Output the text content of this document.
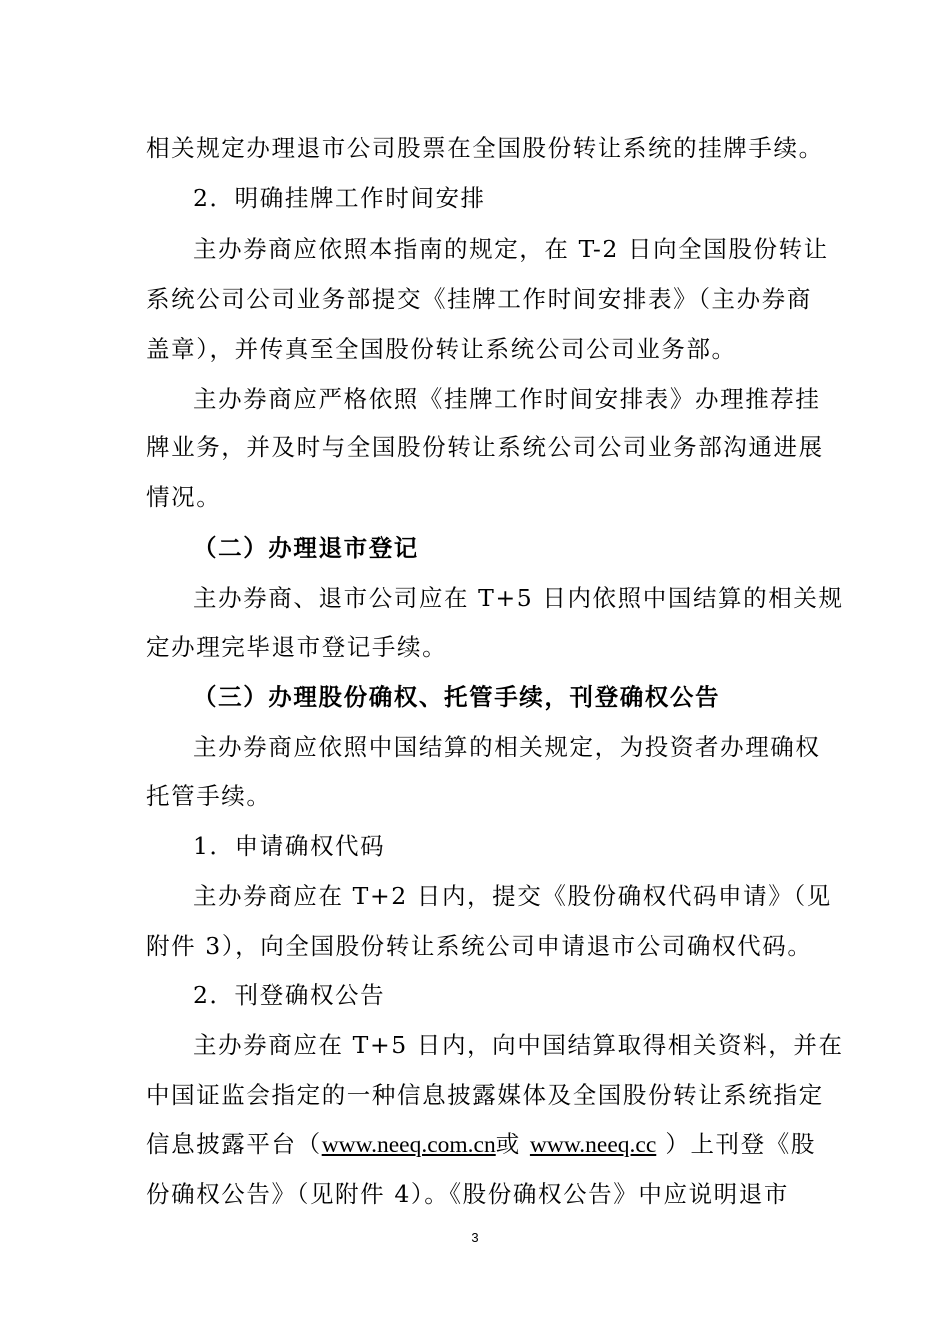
相关规定办理退市公司股票在全国股份转让系统的挂牌手续。
2．明确挂牌工作时间安排
主办券商应依照本指南的规定，在 T-2 日向全国股份转让
系统公司公司业务部提交《挂牌工作时间安排表》（主办券商
盖章），并传真至全国股份转让系统公司公司业务部。
主办券商应严格依照《挂牌工作时间安排表》办理推荐挂
牌业务，并及时与全国股份转让系统公司公司业务部沟通进展
情况。
（二）办理退市登记
主办券商、退市公司应在 T+5 日内依照中国结算的相关规
定办理完毕退市登记手续。
（三）办理股份确权、托管手续，刊登确权公告
主办券商应依照中国结算的相关规定，为投资者办理确权
托管手续。
1．申请确权代码
主办券商应在 T+2 日内，提交《股份确权代码申请》（见
附件 3），向全国股份转让系统公司申请退市公司确权代码。
2．刊登确权公告
主办券商应在 T+5 日内，向中国结算取得相关资料，并在
中国证监会指定的一种信息披露媒体及全国股份转让系统指定
信息披露平台（www.neeq.com.cn或 www.neeq.cc ）上刊登《股
份确权公告》（见附件 4）。《股份确权公告》中应说明退市
3
